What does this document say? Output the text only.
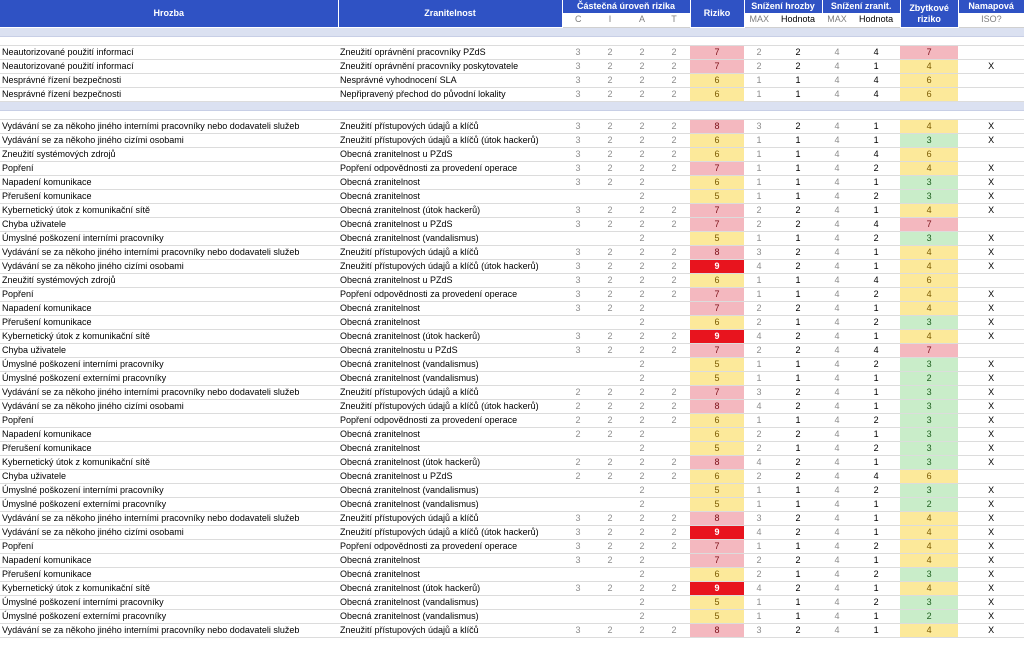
Hrozba	Zranitelnost	Částečná úroveň rizika				Riziko	Snížení hrozby		Snížení zranit.		Zbytkové riziko	Namapová
		C	I	A	T		MAX	Hodnota	MAX	Hodnota		ISO?

Neautorizované použití informací	Zneužití oprávnění pracovníky PZdS	3	2	2	2	7	2	2	4	4	7	
Neautorizované použití informací	Zneužití oprávnění pracovníky poskytovatele	3	2	2	2	7	2	2	4	1	4	X
Nesprávné řízení bezpečnosti	Nesprávné vyhodnocení SLA	3	2	2	2	6	1	1	4	4	6	
Nesprávné řízení bezpečnosti	Nepřipravený přechod do původní lokality	3	2	2	2	6	1	1	4	4	6	

Vydávání se za někoho jiného interními pracovníky nebo dodavateli služeb	Zneužití přístupových údajů a klíčů	3	2	2	2	8	3	2	4	1	4	X
Vydávání se za někoho jiného cizími osobami	Zneužití přístupových údajů a klíčů (útok hackerů)	3	2	2	2	6	1	1	4	1	3	X
Zneužití systémových zdrojů	Obecná zranitelnost u PZdS	3	2	2	2	6	1	1	4	4	6	
Popření	Popření odpovědnosti za provedení operace	3	2	2	2	7	1	1	4	2	4	X
Napadení komunikace	Obecná zranitelnost	3	2	2		6	1	1	4	1	3	X
Přerušení komunikace	Obecná zranitelnost			2		5	1	1	4	2	3	X
Kybernetický útok z komunikační sítě	Obecná zranitelnost (útok hackerů)	3	2	2	2	7	2	2	4	1	4	X
Chyba uživatele	Obecná zranitelnost u PZdS	3	2	2	2	7	2	2	4	4	7	
Úmyslné poškození interními pracovníky	Obecná zranitelnost (vandalismus)			2		5	1	1	4	2	3	X
Vydávání se za někoho jiného interními pracovníky nebo dodavateli služeb	Zneužití přístupových údajů a klíčů	3	2	2	2	8	3	2	4	1	4	X
Vydávání se za někoho jiného cizími osobami	Zneužití přístupových údajů a klíčů (útok hackerů)	3	2	2	2	9	4	2	4	1	4	X
Zneužití systémových zdrojů	Obecná zranitelnost u PZdS	3	2	2	2	6	1	1	4	4	6	
Popření	Popření odpovědnosti za provedení operace	3	2	2	2	7	1	1	4	2	4	X
Napadení komunikace	Obecná zranitelnost	3	2	2		7	2	2	4	1	4	X
Přerušení komunikace	Obecná zranitelnost			2		6	2	1	4	2	3	X
Kybernetický útok z komunikační sítě	Obecná zranitelnost (útok hackerů)	3	2	2	2	9	4	2	4	1	4	X
Chyba uživatele	Obecná zranitelnostu u PZdS	3	2	2	2	7	2	2	4	4	7	
Úmyslné poškození interními pracovníky	Obecná zranitelnost (vandalismus)			2		5	1	1	4	2	3	X
Úmyslné poškození externími pracovníky	Obecná zranitelnost (vandalismus)			2		5	1	1	4	1	2	X
Vydávání se za někoho jiného interními pracovníky nebo dodavateli služeb	Zneužití přístupových údajů a klíčů	2	2	2	2	7	3	2	4	1	3	X
Vydávání se za někoho jiného cizími osobami	Zneužití přístupových údajů a klíčů (útok hackerů)	2	2	2	2	8	4	2	4	1	3	X
Popření	Popření odpovědnosti za provedení operace	2	2	2	2	6	1	1	4	2	3	X
Napadení komunikace	Obecná zranitelnost	2	2	2		6	2	2	4	1	3	X
Přerušení komunikace	Obecná zranitelnost			2		5	2	1	4	2	3	X
Kybernetický útok z komunikační sítě	Obecná zranitelnost (útok hackerů)	2	2	2	2	8	4	2	4	1	3	X
Chyba uživatele	Obecná zranitelnost u PZdS	2	2	2	2	6	2	2	4	4	6	
Úmyslné poškození interními pracovníky	Obecná zranitelnost (vandalismus)			2		5	1	1	4	2	3	X
Úmyslné poškození externími pracovníky	Obecná zranitelnost (vandalismus)			2		5	1	1	4	1	2	X
Vydávání se za někoho jiného interními pracovníky nebo dodavateli služeb	Zneužití přístupových údajů a klíčů	3	2	2	2	8	3	2	4	1	4	X
Vydávání se za někoho jiného cizími osobami	Zneužití přístupových údajů a klíčů (útok hackerů)	3	2	2	2	9	4	2	4	1	4	X
Popření	Popření odpovědnosti za provedení operace	3	2	2	2	7	1	1	4	2	4	X
Napadení komunikace	Obecná zranitelnost	3	2	2		7	2	2	4	1	4	X
Přerušení komunikace	Obecná zranitelnost			2		6	2	1	4	2	3	X
Kybernetický útok z komunikační sítě	Obecná zranitelnost (útok hackerů)	3	2	2	2	9	4	2	4	1	4	X
Úmyslné poškození interními pracovníky	Obecná zranitelnost (vandalismus)			2		5	1	1	4	2	3	X
Úmyslné poškození externími pracovníky	Obecná zranitelnost (vandalismus)			2		5	1	1	4	1	2	X
Vydávání se za někoho jiného interními pracovníky nebo dodavateli služeb	Zneužití přístupových údajů a klíčů	3	2	2	2	8	3	2	4	1	4	X
